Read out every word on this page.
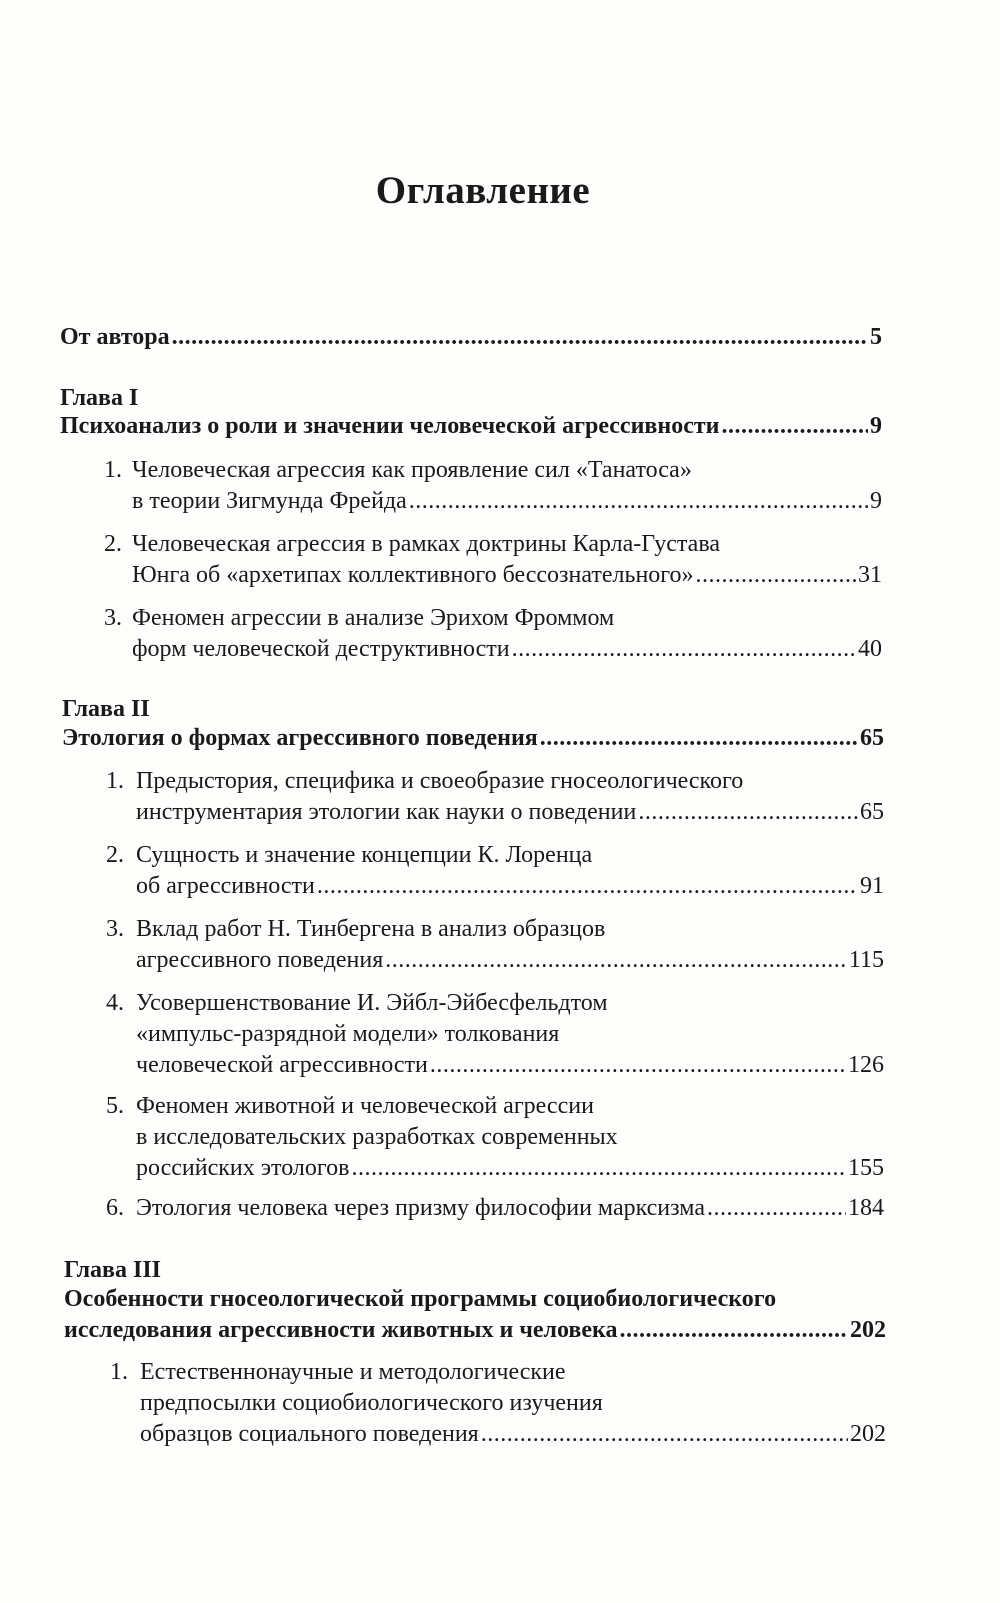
Оглавление
От автора .....	5
Глава I
Психоанализ о роли и значении человеческой агрессивности .....	9
1. Человеческая агрессия как проявление сил «Танатоса»
в теории Зигмунда Фрейда .....	9
2. Человеческая агрессия в рамках доктрины Карла-Густава
Юнга об «архетипах коллективного бессознательного» .....	31
3. Феномен агрессии в анализе Эрихом Фроммом
форм человеческой деструктивности .....	40
Глава II
Этология о формах агрессивного поведения .....	65
1. Предыстория, специфика и своеобразие гносеологического
инструментария этологии как науки о поведении .....	65
2. Сущность и значение концепции К. Лоренца
об агрессивности .....	91
3. Вклад работ Н. Тинбергена в анализ образцов
агрессивного поведения .....	115
4. Усовершенствование И. Эйбл-Эйбесфельдтом
«импульс-разрядной модели» толкования
человеческой агрессивности .....	126
5. Феномен животной и человеческой агрессии
в исследовательских разработках современных
российских этологов .....	155
6. Этология человека через призму философии марксизма .....	184
Глава III
Особенности гносеологической программы социобиологического
исследования агрессивности животных и человека .....	202
1. Естественнонаучные и методологические
предпосылки социобиологического изучения
образцов социального поведения .....	202
